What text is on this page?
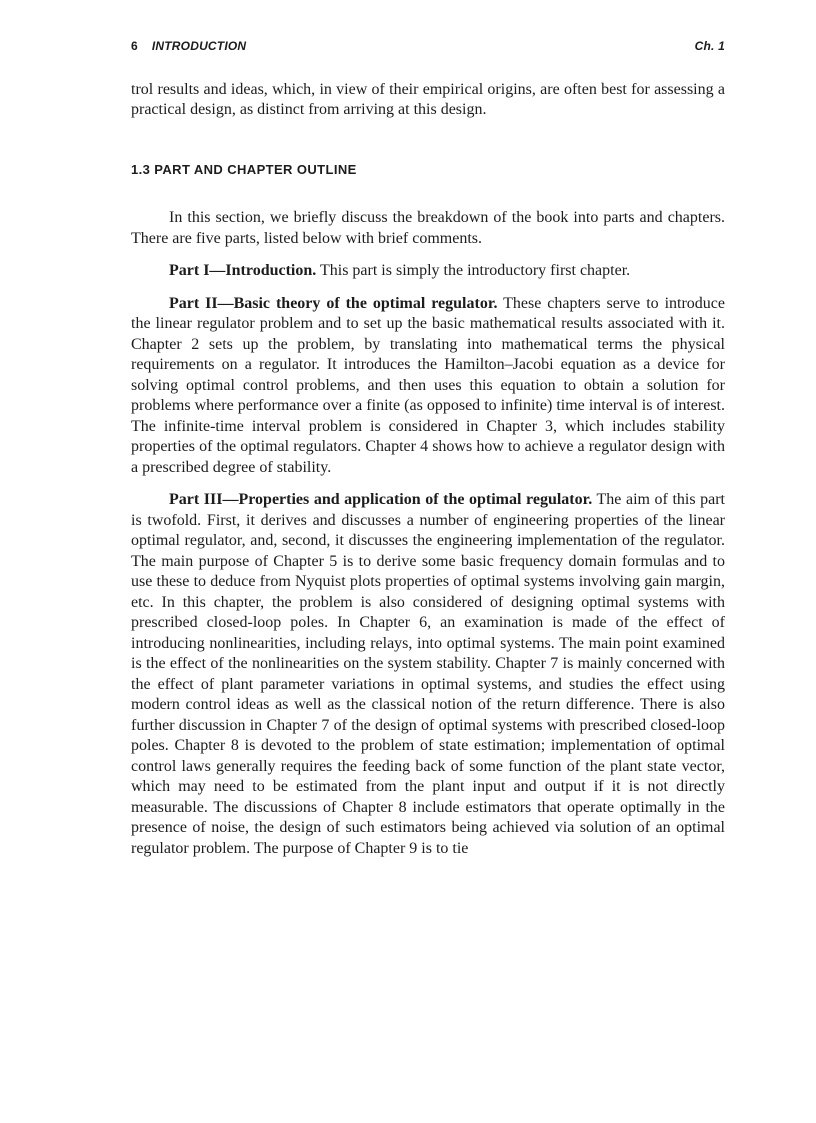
6 INTRODUCTION	Ch. 1

trol results and ideas, which, in view of their empirical origins, are often best for assessing a practical design, as distinct from arriving at this design.

1.3 PART AND CHAPTER OUTLINE

In this section, we briefly discuss the breakdown of the book into parts and chapters. There are five parts, listed below with brief comments.

Part I—Introduction. This part is simply the introductory first chapter.

Part II—Basic theory of the optimal regulator. These chapters serve to introduce the linear regulator problem and to set up the basic mathematical results associated with it. Chapter 2 sets up the problem, by translating into mathematical terms the physical requirements on a regulator. It introduces the Hamilton–Jacobi equation as a device for solving optimal control problems, and then uses this equation to obtain a solution for problems where performance over a finite (as opposed to infinite) time interval is of interest. The infinite-time interval problem is considered in Chapter 3, which includes stability properties of the optimal regulators. Chapter 4 shows how to achieve a regulator design with a prescribed degree of stability.

Part III—Properties and application of the optimal regulator. The aim of this part is twofold. First, it derives and discusses a number of engineering properties of the linear optimal regulator, and, second, it discusses the engineering implementation of the regulator. The main purpose of Chapter 5 is to derive some basic frequency domain formulas and to use these to deduce from Nyquist plots properties of optimal systems involving gain margin, etc. In this chapter, the problem is also considered of designing optimal systems with prescribed closed-loop poles. In Chapter 6, an examination is made of the effect of introducing nonlinearities, including relays, into optimal systems. The main point examined is the effect of the nonlinearities on the system stability. Chapter 7 is mainly concerned with the effect of plant parameter variations in optimal systems, and studies the effect using modern control ideas as well as the classical notion of the return difference. There is also further discussion in Chapter 7 of the design of optimal systems with prescribed closed-loop poles. Chapter 8 is devoted to the problem of state estimation; implementation of optimal control laws generally requires the feeding back of some function of the plant state vector, which may need to be estimated from the plant input and output if it is not directly measurable. The discussions of Chapter 8 include estimators that operate optimally in the presence of noise, the design of such estimators being achieved via solution of an optimal regulator problem. The purpose of Chapter 9 is to tie
